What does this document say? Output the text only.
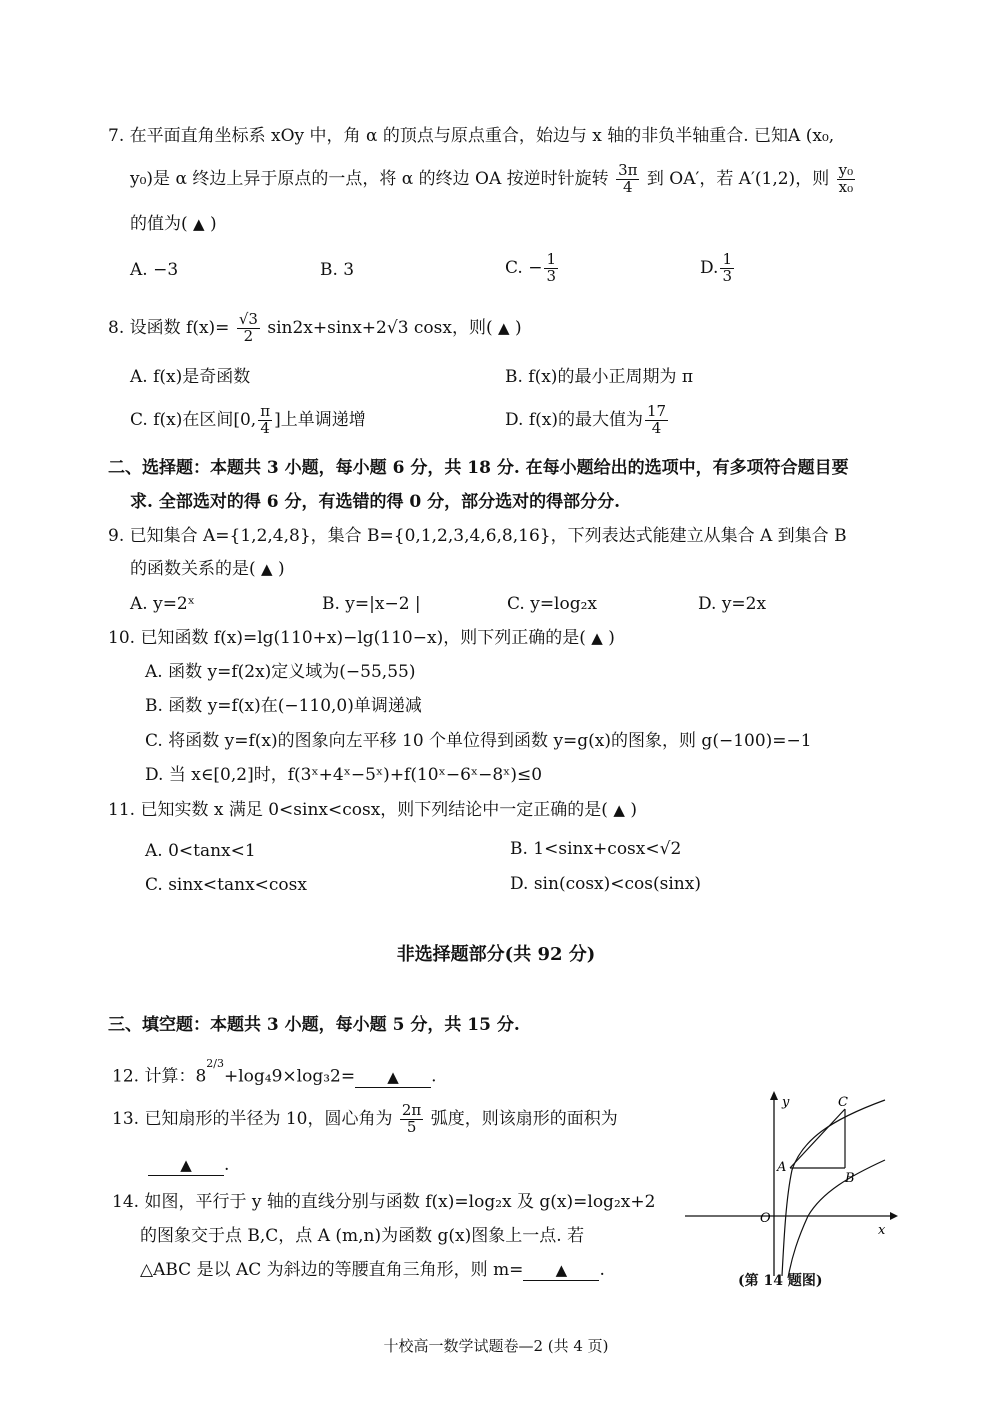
7. 在平面直角坐标系 xOy 中，角 α 的顶点与原点重合，始边与 x 轴的非负半轴重合. 已知A (x₀,
y₀)是 α 终边上异于原点的一点，将 α 的终边 OA 按逆时针旋转 $\frac{3\pi}{4}$ 到 OA′，若 A′(1,2)，则 $\frac{\text{y₀}}{\text{x₀}}$
的值为( ▲ )
A. −3	B. 3	C. − $\frac{1}{3}$	D. $\frac{1}{3}$
8. 设函数 $f(x)= \frac{√3}{2} \sin 2x+\sin x+2√3$ cosx，则( ▲ )
A. f(x)是奇函数	B. f(x)的最小正周期为 π
C. f(x)在区间[0, $\frac{\pi}{4}$ ]上单调递增	D. f(x)的最大值为 $\frac{17}{4}$
二、选择题：本题共 3 小题，每小题 6 分，共 18 分. 在每小题给出的选项中，有多项符合题目要
求. 全部选对的得 6 分，有选错的得 0 分，部分选对的得部分分.
9. 已知集合 A={1,2,4,8}，集合 B={0,1,2,3,4,6,8,16}，下列表达式能建立从集合 A 到集合 B
的函数关系的是( ▲ )
A. y=2ˣ	B. y=|x−2 |	C. y=log₂x	D. y=2x
10. 已知函数 f(x)=lg(110+x)−lg(110−x)，则下列正确的是( ▲ )
A. 函数 y=f(2x)定义域为(−55,55)
B. 函数 y=f(x)在(−110,0)单调递减
C. 将函数 y=f(x)的图象向左平移 10 个单位得到函数 y=g(x)的图象，则 g(−100)=−1
D. 当 x∈[0,2]时，f(3ˣ+4ˣ−5ˣ)+f(10ˣ−6ˣ−8ˣ)≤0
11. 已知实数 x 满足 0<sinx<cosx，则下列结论中一定正确的是( ▲ )
A. 0<tanx<1	B. 1<sinx+cosx<√2
C. sinx<tanx<cosx	D. sin(cosx)<cos(sinx)
非选择题部分(共 92 分)
三、填空题：本题共 3 小题，每小题 5 分，共 15 分.
12. 计算：$8^{2/3}+\log_49\times\log_32=$ ▲ .
13. 已知扇形的半径为 10，圆心角为 $\frac{2\pi}{5}$ 弧度，则该扇形的面积为
▲ .
14. 如图，平行于 y 轴的直线分别与函数 f(x)=log₂x 及 g(x)=log₂x+2
的图象交于点 B,C，点 A (m,n)为函数 g(x)图象上一点. 若
△ABC 是以 AC 为斜边的等腰直角三角形，则 m= ▲ .
y
x
O
A
B
C
(第 14 题图)
十校高一数学试题卷—2 (共 4 页)
